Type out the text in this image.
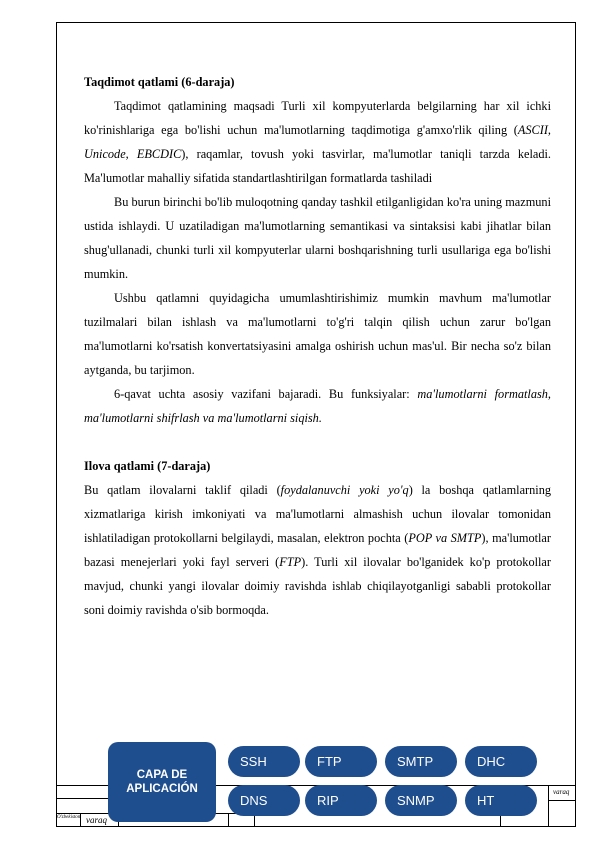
Taqdimot qatlami (6-daraja)

Taqdimot qatlamining maqsadi Turli xil kompyuterlarda belgilarning har xil ichki ko'rinishlariga ega bo'lishi uchun ma'lumotlarning taqdimotiga g'amxo'rlik qiling (ASCII, Unicode, EBCDIC), raqamlar, tovush yoki tasvirlar, ma'lumotlar taniqli tarzda keladi. Ma'lumotlar mahalliy sifatida standartlashtirilgan formatlarda tashiladi

Bu burun birinchi bo'lib muloqotning qanday tashkil etilganligidan ko'ra uning mazmuni ustida ishlaydi. U uzatiladigan ma'lumotlarning semantikasi va sintaksisi kabi jihatlar bilan shug'ullanadi, chunki turli xil kompyuterlar ularni boshqarishning turli usullariga ega bo'lishi mumkin.

Ushbu qatlamni quyidagicha umumlashtirishimiz mumkin mavhum ma'lumotlar tuzilmalari bilan ishlash va ma'lumotlarni to'g'ri talqin qilish uchun zarur bo'lgan ma'lumotlarni ko'rsatish konvertatsiyasini amalga oshirish uchun mas'ul. Bir necha so'z bilan aytganda, bu tarjimon.

6-qavat uchta asosiy vazifani bajaradi. Bu funksiyalar: ma'lumotlarni formatlash, ma'lumotlarni shifrlash va ma'lumotlarni siqish.

Ilova qatlami (7-daraja)

Bu qatlam ilovalarni taklif qiladi (foydalanuvchi yoki yo'q) la boshqa qatlamlarning xizmatlariga kirish imkoniyati va ma'lumotlarni almashish uchun ilovalar tomonidan ishlatiladigan protokollarni belgilaydi, masalan, elektron pochta (POP va SMTP), ma'lumotlar bazasi menejerlari yoki fayl serveri (FTP). Turli xil ilovalar bo'lganidek ko'p protokollar mavjud, chunki yangi ilovalar doimiy ravishda ishlab chiqilayotganligi sababli protokollar soni doimiy ravishda o'sib bormoqda.

varaq
varaq
O'zbekiston
CAPA DE
APLICACIÓN
SSH	FTP	SMTP	DHC
DNS	RIP	SNMP	HT
